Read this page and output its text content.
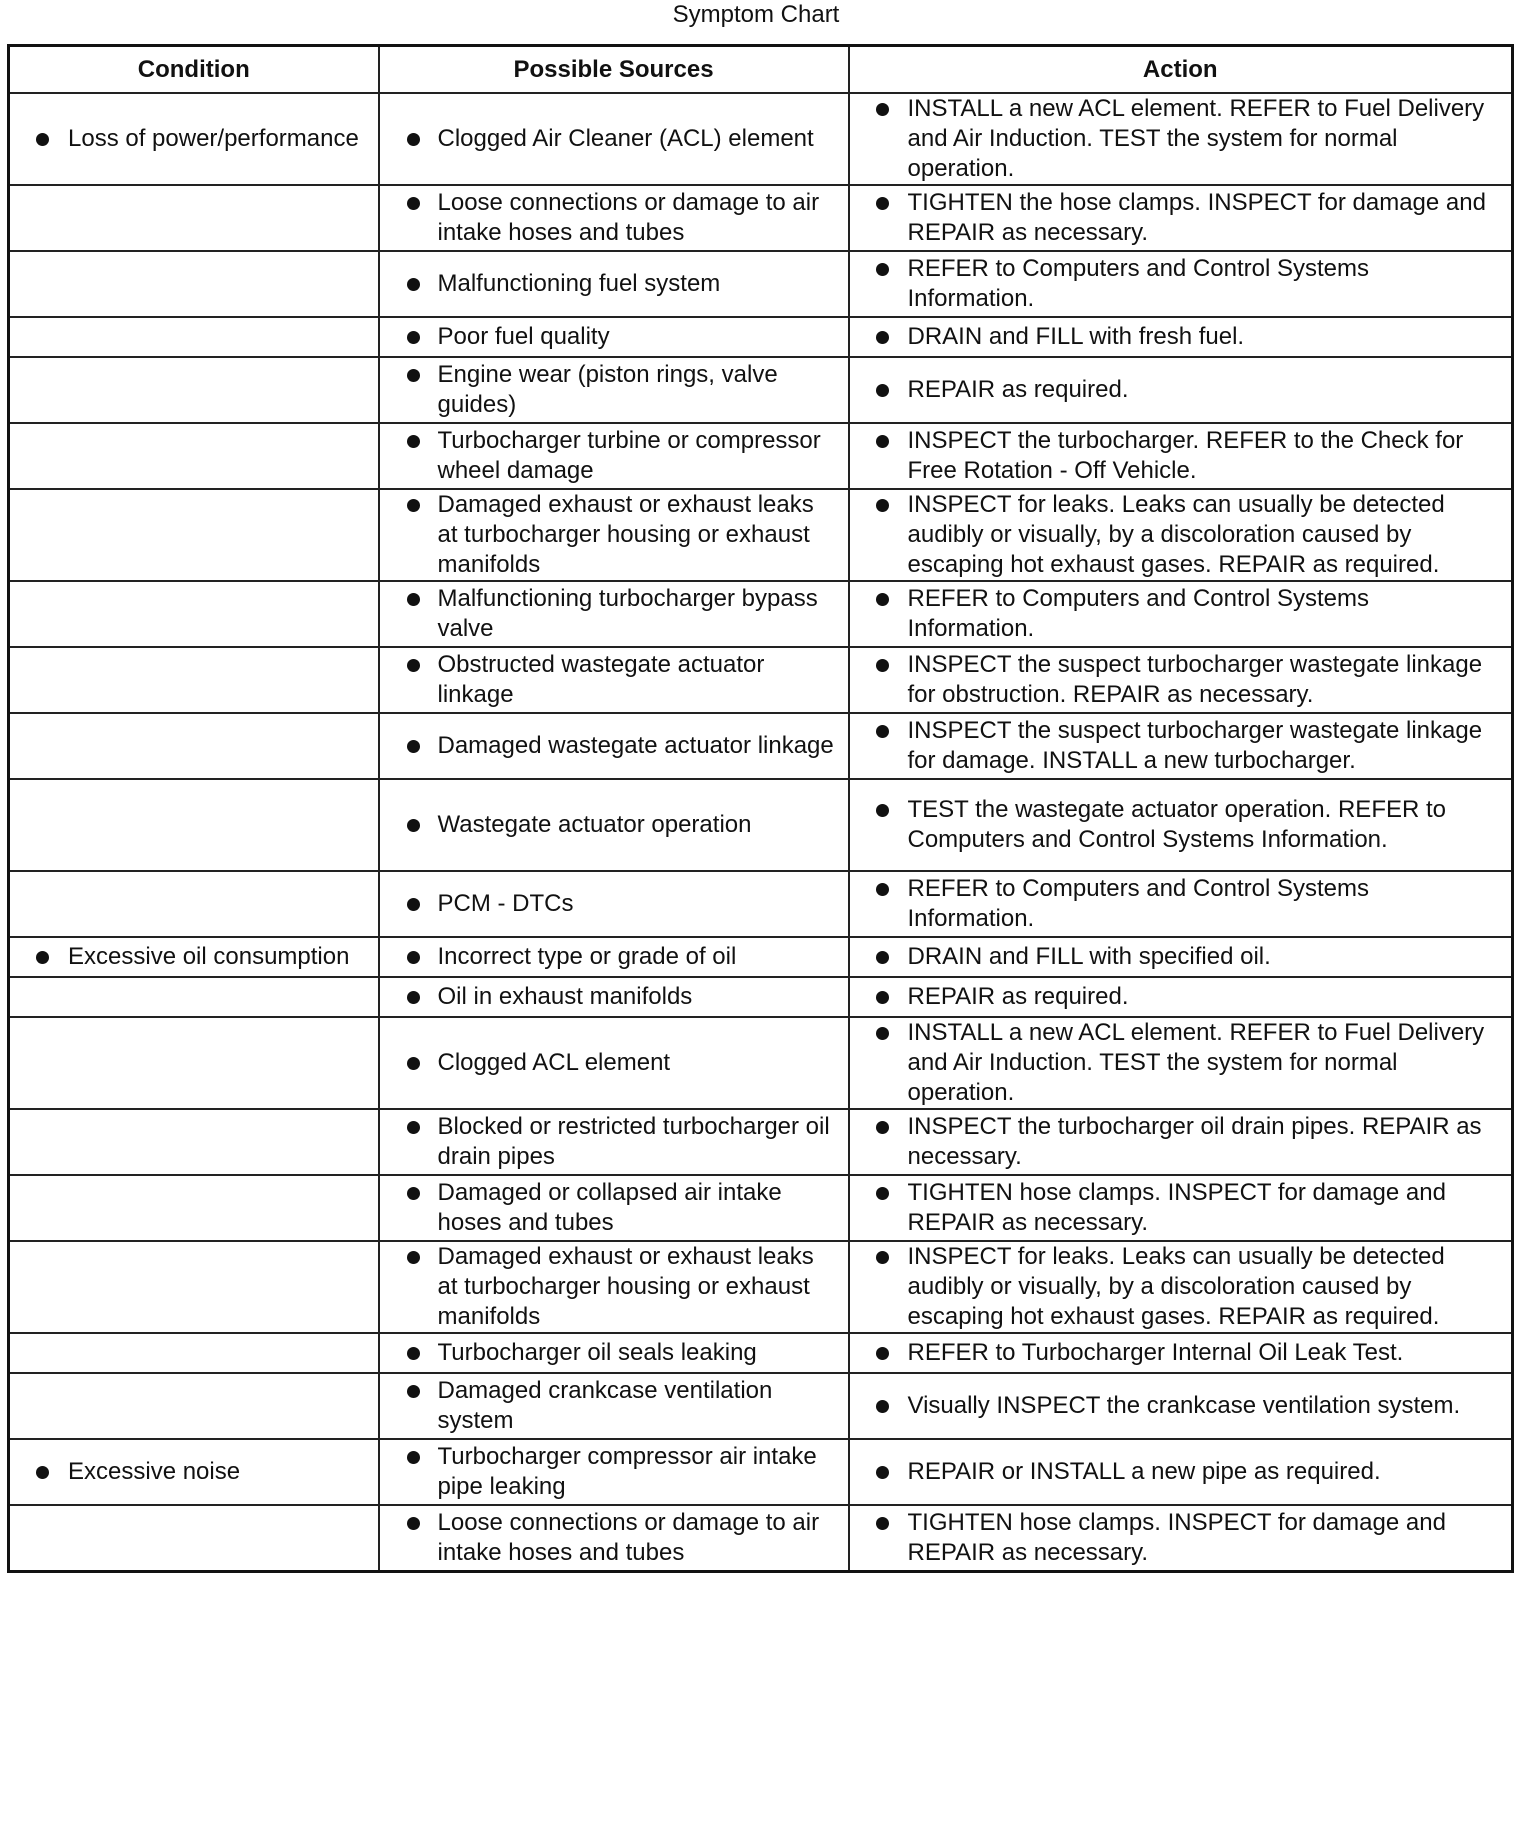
Symptom Chart
Condition	Possible Sources	Action

Loss of power/performance	Clogged Air Cleaner (ACL) element	INSTALL a new ACL element. REFER to Fuel Delivery and Air Induction. TEST the system for normal operation.

	Loose connections or damage to air intake hoses and tubes	TIGHTEN the hose clamps. INSPECT for damage and REPAIR as necessary.

	Malfunctioning fuel system	REFER to Computers and Control Systems Information.

	Poor fuel quality	DRAIN and FILL with fresh fuel.

	Engine wear (piston rings, valve guides)	REPAIR as required.

	Turbocharger turbine or compressor wheel damage	INSPECT the turbocharger. REFER to the Check for Free Rotation - Off Vehicle.

	Damaged exhaust or exhaust leaks at turbocharger housing or exhaust manifolds	INSPECT for leaks. Leaks can usually be detected audibly or visually, by a discoloration caused by escaping hot exhaust gases. REPAIR as required.

	Malfunctioning turbocharger bypass valve	REFER to Computers and Control Systems Information.

	Obstructed wastegate actuator linkage	INSPECT the suspect turbocharger wastegate linkage for obstruction. REPAIR as necessary.

	Damaged wastegate actuator linkage	INSPECT the suspect turbocharger wastegate linkage for damage. INSTALL a new turbocharger.

	Wastegate actuator operation	TEST the wastegate actuator operation. REFER to Computers and Control Systems Information.

	PCM - DTCs	REFER to Computers and Control Systems Information.

Excessive oil consumption	Incorrect type or grade of oil	DRAIN and FILL with specified oil.

	Oil in exhaust manifolds	REPAIR as required.

	Clogged ACL element	INSTALL a new ACL element. REFER to Fuel Delivery and Air Induction. TEST the system for normal operation.

	Blocked or restricted turbocharger oil drain pipes	INSPECT the turbocharger oil drain pipes. REPAIR as necessary.

	Damaged or collapsed air intake hoses and tubes	TIGHTEN hose clamps. INSPECT for damage and REPAIR as necessary.

	Damaged exhaust or exhaust leaks at turbocharger housing or exhaust manifolds	INSPECT for leaks. Leaks can usually be detected audibly or visually, by a discoloration caused by escaping hot exhaust gases. REPAIR as required.

	Turbocharger oil seals leaking	REFER to Turbocharger Internal Oil Leak Test.

	Damaged crankcase ventilation system	Visually INSPECT the crankcase ventilation system.

Excessive noise	Turbocharger compressor air intake pipe leaking	REPAIR or INSTALL a new pipe as required.

	Loose connections or damage to air intake hoses and tubes	TIGHTEN hose clamps. INSPECT for damage and REPAIR as necessary.
